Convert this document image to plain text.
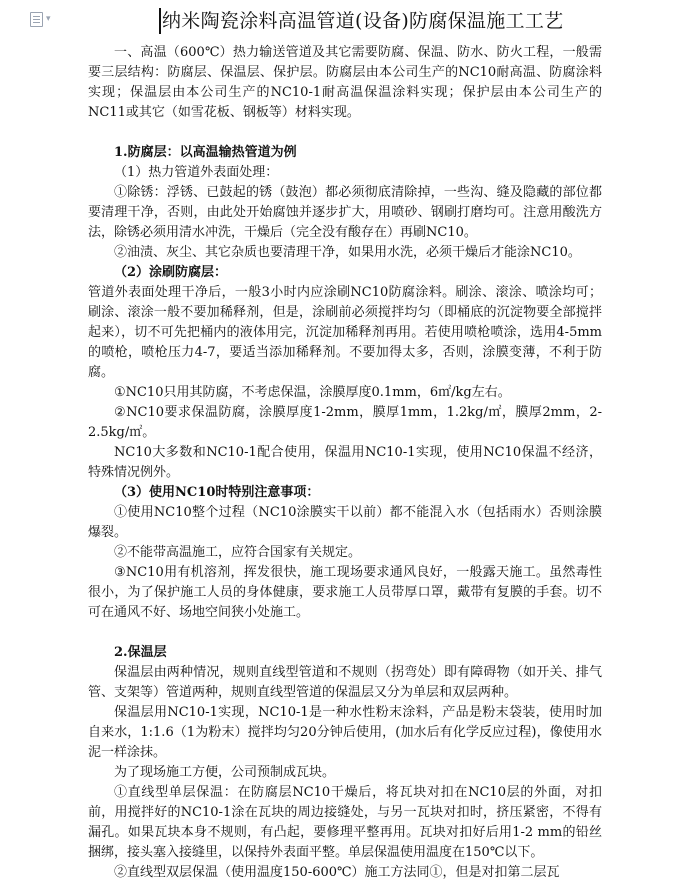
▾	纳米陶瓷涂料高温管道(设备)防腐保温施工工艺

一、高温（600℃）热力输送管道及其它需要防腐、保温、防水、防火工程，一般需要三层结构：防腐层、保温层、保护层。防腐层由本公司生产的NC10耐高温、防腐涂料实现；保温层由本公司生产的NC10-1耐高温保温涂料实现；保护层由本公司生产的NC11或其它（如雪花板、钢板等）材料实现。

1.防腐层：以高温输热管道为例

（1）热力管道外表面处理：

①除锈：浮锈、已鼓起的锈（鼓泡）都必须彻底清除掉，一些沟、缝及隐藏的部位都要清理干净，否则，由此处开始腐蚀并逐步扩大，用喷砂、钢刷打磨均可。注意用酸洗方法，除锈必须用清水冲洗，干燥后（完全没有酸存在）再刷NC10。

②油渍、灰尘、其它杂质也要清理干净，如果用水洗，必须干燥后才能涂NC10。

（2）涂刷防腐层：

管道外表面处理干净后，一般3小时内应涂刷NC10防腐涂料。刷涂、滚涂、喷涂均可；刷涂、滚涂一般不要加稀释剂，但是，涂刷前必须搅拌均匀（即桶底的沉淀物要全部搅拌起来），切不可先把桶内的液体用完，沉淀加稀释剂再用。若使用喷枪喷涂，选用4-5mm的喷枪，喷枪压力4-7，要适当添加稀释剂。不要加得太多，否则，涂膜变薄，不利于防腐。

①NC10只用其防腐，不考虑保温，涂膜厚度0.1mm，6㎡/kg左右。

②NC10要求保温防腐，涂膜厚度1-2mm，膜厚1mm，1.2kg/㎡，膜厚2mm，2-2.5kg/㎡。

NC10大多数和NC10-1配合使用，保温用NC10-1实现，使用NC10保温不经济，特殊情况例外。

（3）使用NC10时特别注意事项：

①使用NC10整个过程（NC10涂膜实干以前）都不能混入水（包括雨水）否则涂膜爆裂。

②不能带高温施工，应符合国家有关规定。

③NC10用有机溶剂，挥发很快，施工现场要求通风良好，一般露天施工。虽然毒性很小，为了保护施工人员的身体健康，要求施工人员带厚口罩，戴带有复膜的手套。切不可在通风不好、场地空间狭小处施工。

2.保温层

保温层由两种情况，规则直线型管道和不规则（拐弯处）即有障碍物（如开关、排气管、支架等）管道两种，规则直线型管道的保温层又分为单层和双层两种。

保温层用NC10-1实现，NC10-1是一种水性粉末涂料，产品是粉末袋装，使用时加自来水，1:1.6（1为粉末）搅拌均匀20分钟后使用，(加水后有化学反应过程)，像使用水泥一样涂抹。

为了现场施工方便，公司预制成瓦块。

①直线型单层保温：在防腐层NC10干燥后，将瓦块对扣在NC10层的外面，对扣前，用搅拌好的NC10-1涂在瓦块的周边接缝处，与另一瓦块对扣时，挤压紧密，不得有漏孔。如果瓦块本身不规则，有凸起，要修理平整再用。瓦块对扣好后用1-2 mm的铅丝捆绑，接头塞入接缝里，以保持外表面平整。单层保温使用温度在150℃以下。

②直线型双层保温（使用温度150-600℃）施工方法同①，但是对扣第二层瓦
